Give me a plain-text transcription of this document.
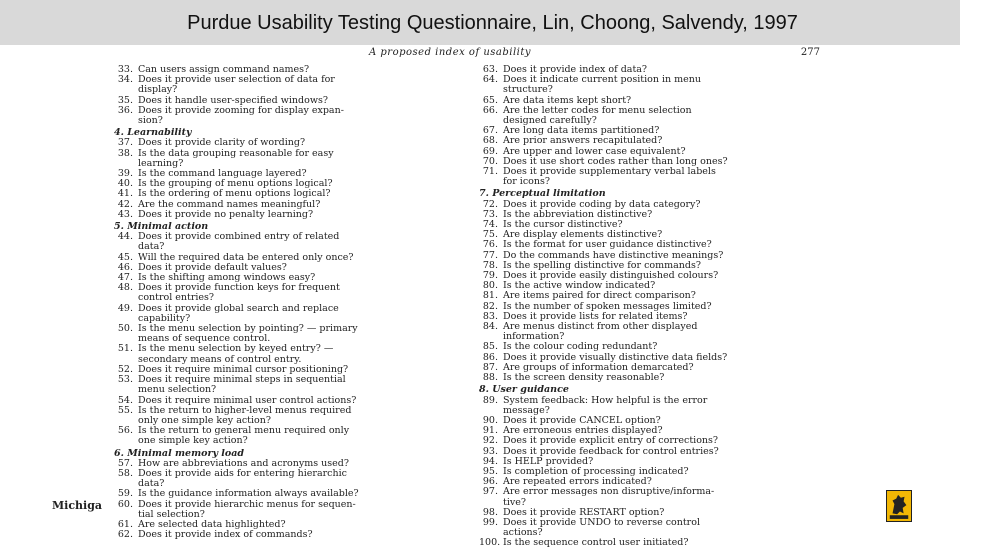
Purdue Usability Testing Questionnaire, Lin, Choong, Salvendy, 1997
A proposed index of usability	277
33. Can users assign command names?
34. Does it provide user selection of data for
display?
35. Does it handle user-specified windows?
36. Does it provide zooming for display expan-
sion?
4. Learnability
37. Does it provide clarity of wording?
38. Is the data grouping reasonable for easy
learning?
39. Is the command language layered?
40. Is the grouping of menu options logical?
41. Is the ordering of menu options logical?
42. Are the command names meaningful?
43. Does it provide no penalty learning?
5. Minimal action
44. Does it provide combined entry of related
data?
45. Will the required data be entered only once?
46. Does it provide default values?
47. Is the shifting among windows easy?
48. Does it provide function keys for frequent
control entries?
49. Does it provide global search and replace
capability?
50. Is the menu selection by pointing? — primary
means of sequence control.
51. Is the menu selection by keyed entry? —
secondary means of control entry.
52. Does it require minimal cursor positioning?
53. Does it require minimal steps in sequential
menu selection?
54. Does it require minimal user control actions?
55. Is the return to higher-level menus required
only one simple key action?
56. Is the return to general menu required only
one simple key action?
6. Minimal memory load
57. How are abbreviations and acronyms used?
58. Does it provide aids for entering hierarchic
data?
59. Is the guidance information always available?
60. Does it provide hierarchic menus for sequen-
tial selection?
61. Are selected data highlighted?
62. Does it provide index of commands?
63. Does it provide index of data?
64. Does it indicate current position in menu
structure?
65. Are data items kept short?
66. Are the letter codes for menu selection
designed carefully?
67. Are long data items partitioned?
68. Are prior answers recapitulated?
69. Are upper and lower case equivalent?
70. Does it use short codes rather than long ones?
71. Does it provide supplementary verbal labels
for icons?
7. Perceptual limitation
72. Does it provide coding by data category?
73. Is the abbreviation distinctive?
74. Is the cursor distinctive?
75. Are display elements distinctive?
76. Is the format for user guidance distinctive?
77. Do the commands have distinctive meanings?
78. Is the spelling distinctive for commands?
79. Does it provide easily distinguished colours?
80. Is the active window indicated?
81. Are items paired for direct comparison?
82. Is the number of spoken messages limited?
83. Does it provide lists for related items?
84. Are menus distinct from other displayed
information?
85. Is the colour coding redundant?
86. Does it provide visually distinctive data fields?
87. Are groups of information demarcated?
88. Is the screen density reasonable?
8. User guidance
89. System feedback: How helpful is the error
message?
90. Does it provide CANCEL option?
91. Are erroneous entries displayed?
92. Does it provide explicit entry of corrections?
93. Does it provide feedback for control entries?
94. Is HELP provided?
95. Is completion of processing indicated?
96. Are repeated errors indicated?
97. Are error messages non disruptive/informa-
tive?
98. Does it provide RESTART option?
99. Does it provide UNDO to reverse control
actions?
100. Is the sequence control user initiated?
Michiga
